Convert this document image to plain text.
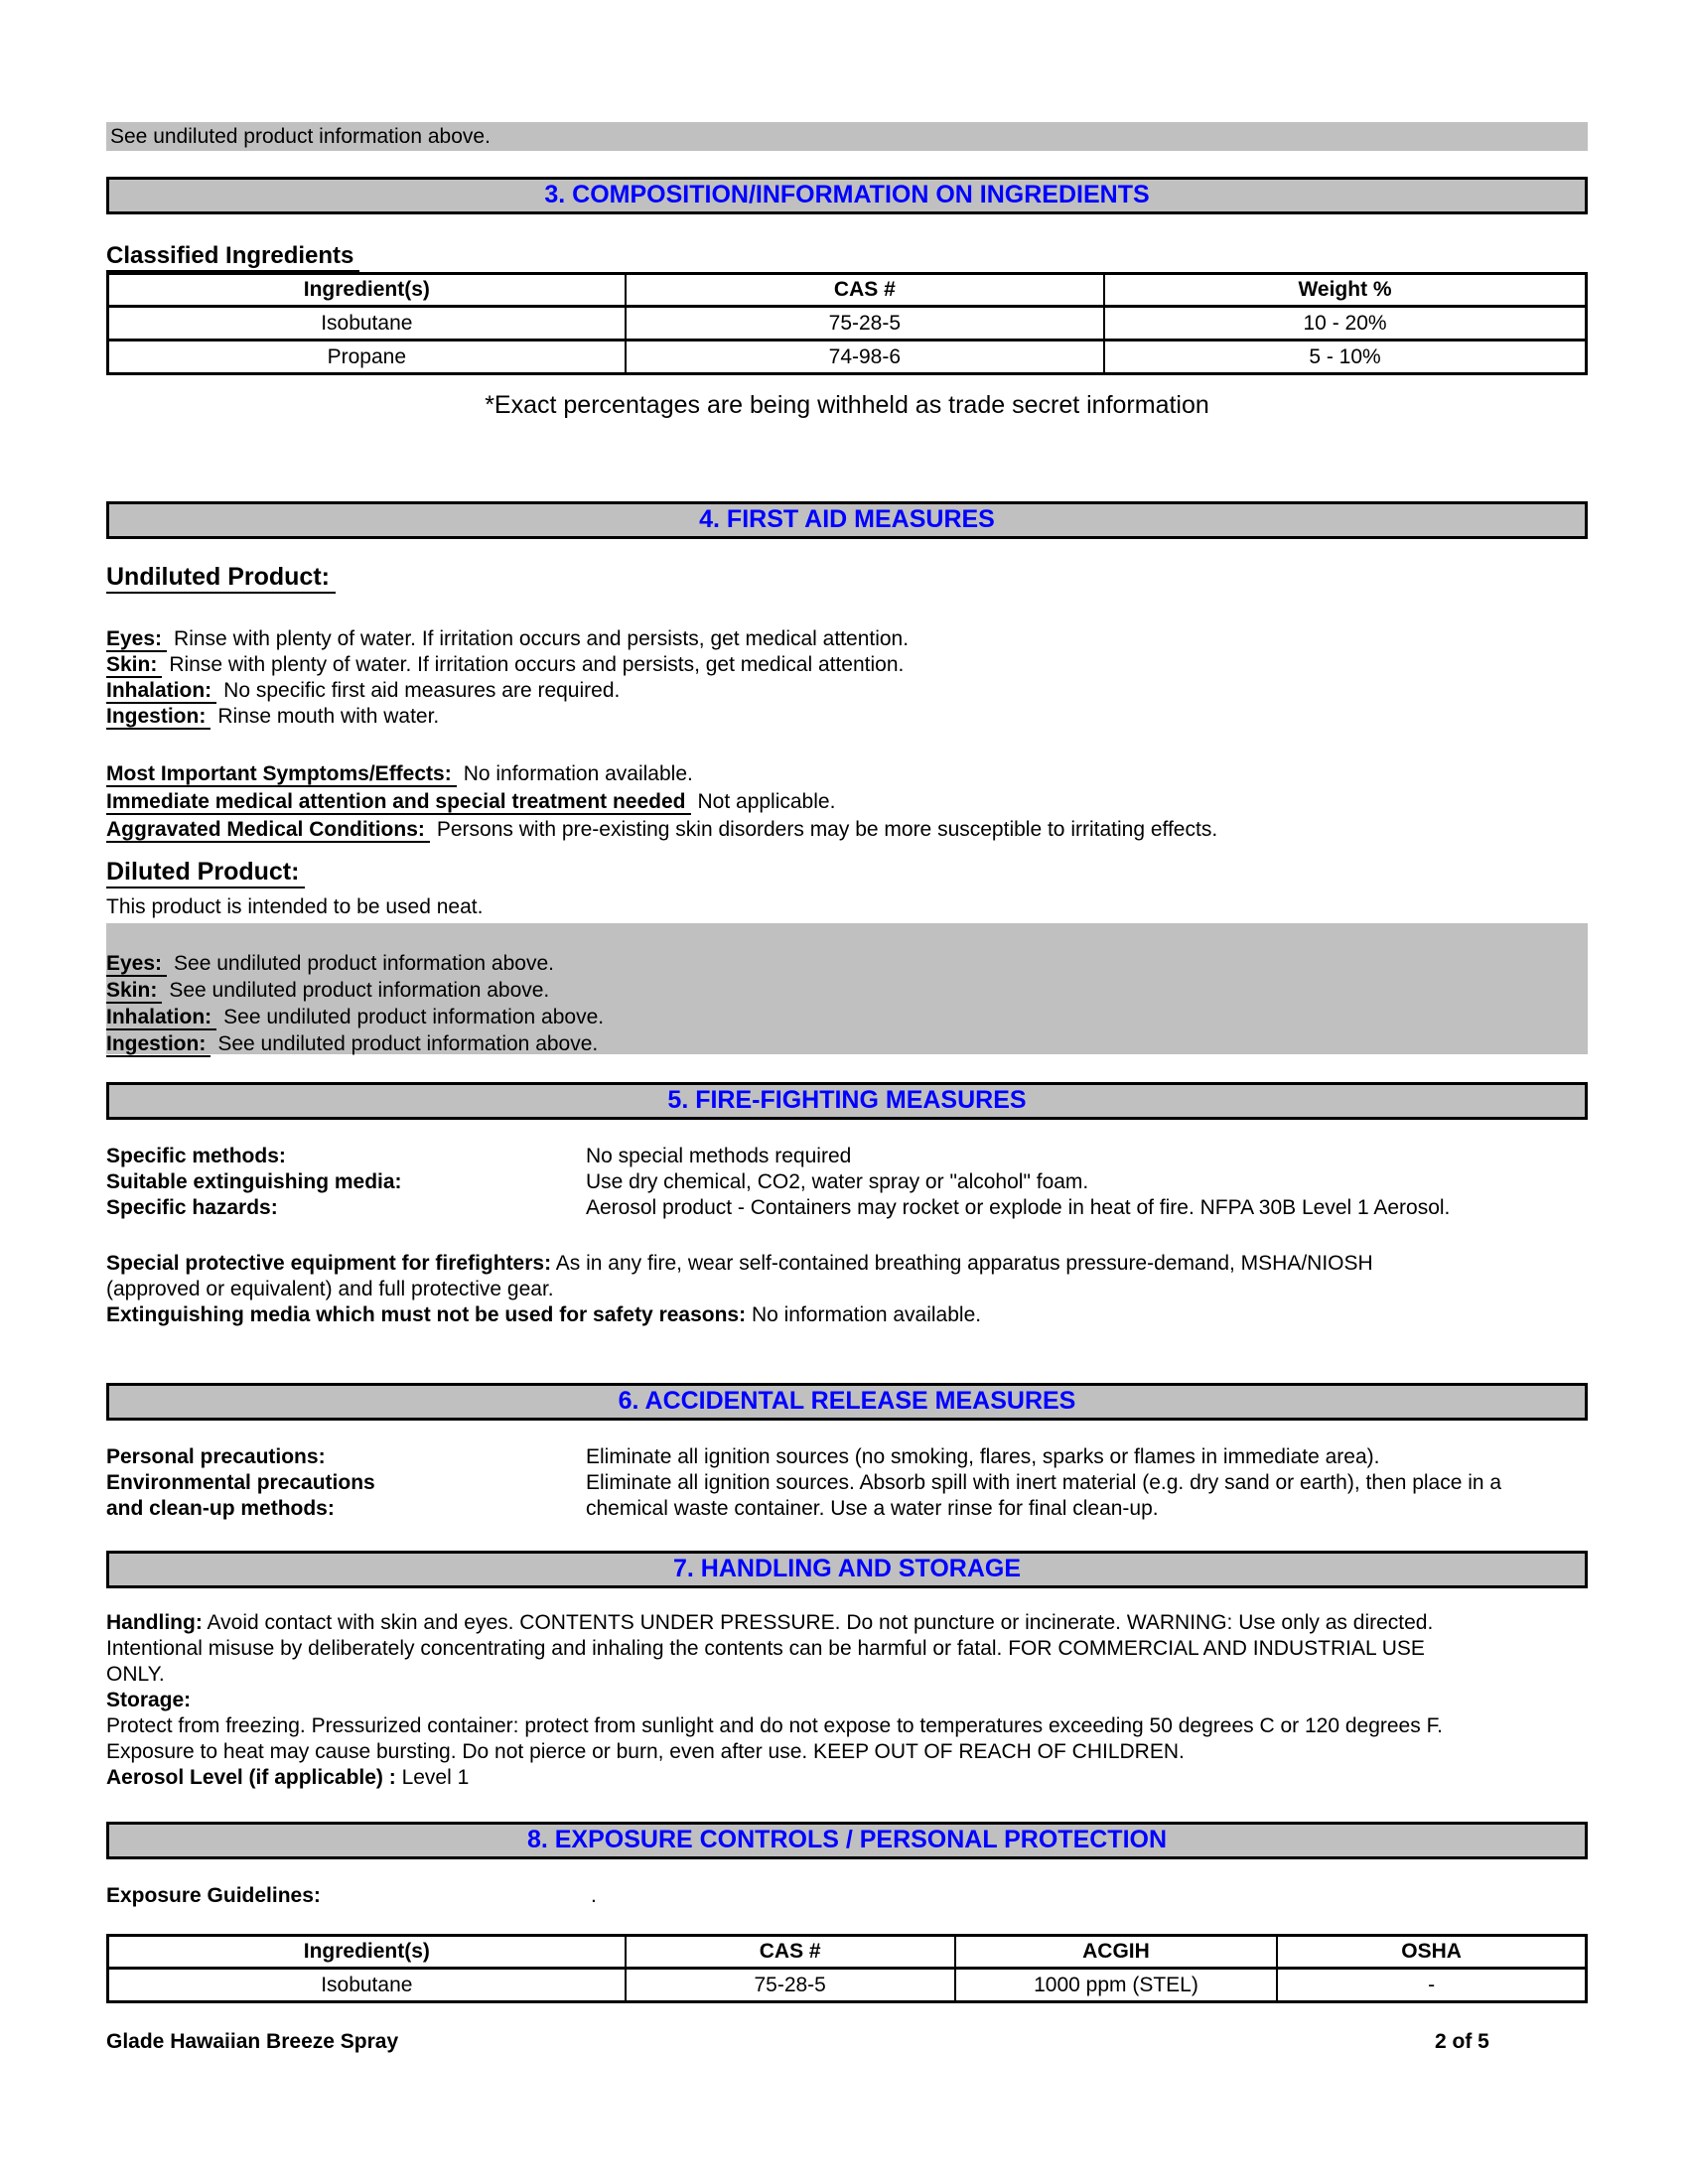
See undiluted product information above.
3. COMPOSITION/INFORMATION ON INGREDIENTS
Classified Ingredients
Ingredient(s)	CAS #	Weight %
Isobutane	75-28-5	10 - 20%
Propane	74-98-6	5 - 10%
*Exact percentages are being withheld as trade secret information
4. FIRST AID MEASURES
Undiluted Product:
Eyes: Rinse with plenty of water. If irritation occurs and persists, get medical attention.
Skin: Rinse with plenty of water. If irritation occurs and persists, get medical attention.
Inhalation: No specific first aid measures are required.
Ingestion: Rinse mouth with water.
Most Important Symptoms/Effects: No information available.
Immediate medical attention and special treatment needed Not applicable.
Aggravated Medical Conditions: Persons with pre-existing skin disorders may be more susceptible to irritating effects.
Diluted Product:
This product is intended to be used neat.
Eyes: See undiluted product information above.
Skin: See undiluted product information above.
Inhalation: See undiluted product information above.
Ingestion: See undiluted product information above.
5. FIRE-FIGHTING MEASURES
Specific methods:	No special methods required
Suitable extinguishing media:	Use dry chemical, CO2, water spray or "alcohol" foam.
Specific hazards:	Aerosol product - Containers may rocket or explode in heat of fire. NFPA 30B Level 1 Aerosol.
Special protective equipment for firefighters: As in any fire, wear self-contained breathing apparatus pressure-demand, MSHA/NIOSH
(approved or equivalent) and full protective gear.
Extinguishing media which must not be used for safety reasons: No information available.
6. ACCIDENTAL RELEASE MEASURES
Personal precautions:	Eliminate all ignition sources (no smoking, flares, sparks or flames in immediate area).
Environmental precautions	Eliminate all ignition sources. Absorb spill with inert material (e.g. dry sand or earth), then place in a
and clean-up methods:	chemical waste container. Use a water rinse for final clean-up.
7. HANDLING AND STORAGE
Handling: Avoid contact with skin and eyes. CONTENTS UNDER PRESSURE. Do not puncture or incinerate. WARNING: Use only as directed.
Intentional misuse by deliberately concentrating and inhaling the contents can be harmful or fatal. FOR COMMERCIAL AND INDUSTRIAL USE
ONLY.
Storage:
Protect from freezing. Pressurized container: protect from sunlight and do not expose to temperatures exceeding 50 degrees C or 120 degrees F.
Exposure to heat may cause bursting. Do not pierce or burn, even after use. KEEP OUT OF REACH OF CHILDREN.
Aerosol Level (if applicable) : Level 1
8. EXPOSURE CONTROLS / PERSONAL PROTECTION
Exposure Guidelines:	.
Ingredient(s)	CAS #	ACGIH	OSHA
Isobutane	75-28-5	1000 ppm (STEL)	-
Glade Hawaiian Breeze Spray	2 of 5
